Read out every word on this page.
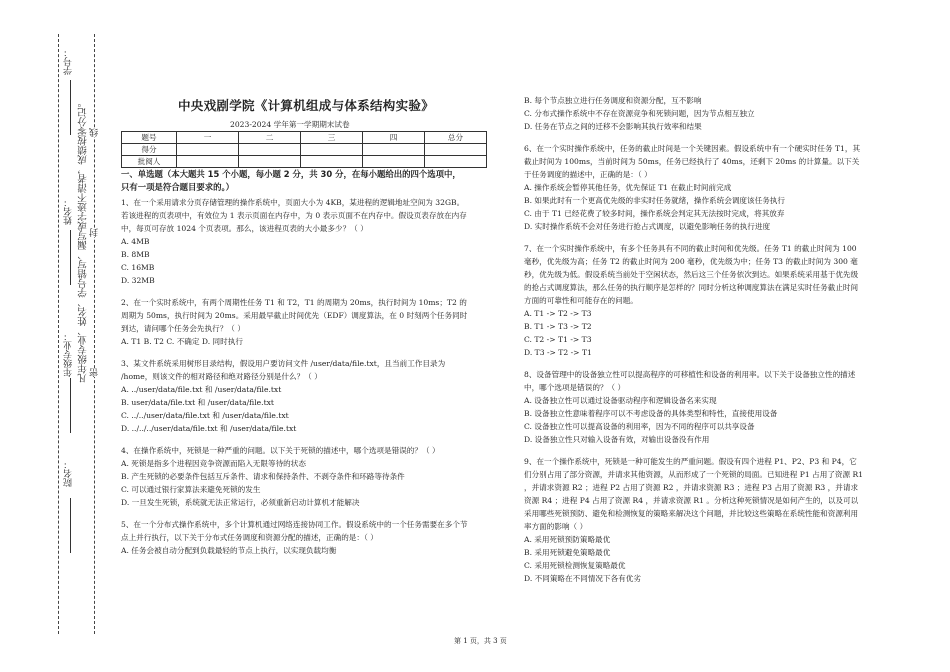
学号：
凡年级专业、姓名、学号错写、漏写或字迹不清者，成绩按零分记。
姓名：
年级专业：
院名：
密
封
线
中央戏剧学院《计算机组成与体系结构实验》
2023-2024 学年第一学期期末试卷
题号	一	二	三	四	总分
得分					
批阅人					
一、单选题（本大题共 15 个小题，每小题 2 分，共 30 分，在每小题给出的四个选项中，只有一项是符合题目要求的。）

1、在一个采用请求分页存储管理的操作系统中，页面大小为 4KB，某进程的逻辑地址空间为 32GB。若该进程的页表项中，有效位为 1 表示页面在内存中，为 0 表示页面不在内存中。假设页表存放在内存中，每页可存放 1024 个页表项。那么，该进程页表的大小最多少？（ ）

A. 4MB

B. 8MB

C. 16MB

D. 32MB

2、在一个实时系统中，有两个周期性任务 T1 和 T2，T1 的周期为 20ms，执行时间为 10ms；T2 的周期为 50ms，执行时间为 20ms。采用最早截止时间优先（EDF）调度算法，在 0 时刻两个任务同时到达，请问哪个任务会先执行？（ ）

A. T1 B. T2 C. 不确定 D. 同时执行

3、某文件系统采用树形目录结构，假设用户要访问文件 /user/data/file.txt，且当前工作目录为 /home，则该文件的相对路径和绝对路径分别是什么？（ ）

A. ../user/data/file.txt 和 /user/data/file.txt

B. user/data/file.txt 和 /user/data/file.txt

C. ../../user/data/file.txt 和 /user/data/file.txt

D. ../../../user/data/file.txt 和 /user/data/file.txt

4、在操作系统中，死锁是一种严重的问题。以下关于死锁的描述中，哪个选项是错误的？（ ）

A. 死锁是指多个进程因竞争资源而陷入无限等待的状态

B. 产生死锁的必要条件包括互斥条件、请求和保持条件、不剥夺条件和环路等待条件

C. 可以通过银行家算法来避免死锁的发生

D. 一旦发生死锁，系统就无法正常运行，必须重新启动计算机才能解决

5、在一个分布式操作系统中，多个计算机通过网络连接协同工作。假设系统中的一个任务需要在多个节点上并行执行，以下关于分布式任务调度和资源分配的描述，正确的是：（ ）

A. 任务会被自动分配到负载最轻的节点上执行，以实现负载均衡

B. 每个节点独立进行任务调度和资源分配，互不影响

C. 分布式操作系统中不存在资源竞争和死锁问题，因为节点相互独立

D. 任务在节点之间的迁移不会影响其执行效率和结果

6、在一个实时操作系统中，任务的截止时间是一个关键因素。假设系统中有一个硬实时任务 T1，其截止时间为 100ms，当前时间为 50ms，任务已经执行了 40ms，还剩下 20ms 的计算量。以下关于任务调度的描述中，正确的是：（ ）

A. 操作系统会暂停其他任务，优先保证 T1 在截止时间前完成

B. 如果此时有一个更高优先级的非实时任务就绪，操作系统会调度该任务执行

C. 由于 T1 已经花费了较多时间，操作系统会判定其无法按时完成，将其放弃

D. 实时操作系统不会对任务进行抢占式调度，以避免影响任务的执行进度

7、在一个实时操作系统中，有多个任务具有不同的截止时间和优先级。任务 T1 的截止时间为 100 毫秒，优先级为高；任务 T2 的截止时间为 200 毫秒，优先级为中；任务 T3 的截止时间为 300 毫秒，优先级为低。假设系统当前处于空闲状态，然后这三个任务依次到达。如果系统采用基于优先级的抢占式调度算法，那么任务的执行顺序是怎样的？同时分析这种调度算法在满足实时任务截止时间方面的可靠性和可能存在的问题。

A. T1 -> T2 -> T3

B. T1 -> T3 -> T2

C. T2 -> T1 -> T3

D. T3 -> T2 -> T1

8、设备管理中的设备独立性可以提高程序的可移植性和设备的利用率。以下关于设备独立性的描述中，哪个选项是错误的？（ ）

A. 设备独立性可以通过设备驱动程序和逻辑设备名来实现

B. 设备独立性意味着程序可以不考虑设备的具体类型和特性，直接使用设备

C. 设备独立性可以提高设备的利用率，因为不同的程序可以共享设备

D. 设备独立性只对输入设备有效，对输出设备没有作用

9、在一个操作系统中，死锁是一种可能发生的严重问题。假设有四个进程 P1、P2、P3 和 P4，它们分别占用了部分资源，并请求其他资源，从而形成了一个死锁的局面。已知进程 P1 占用了资源 R1 ，并请求资源 R2 ；进程 P2 占用了资源 R2 ，并请求资源 R3 ；进程 P3 占用了资源 R3 ，并请求资源 R4 ；进程 P4 占用了资源 R4 ，并请求资源 R1 。分析这种死锁情况是如何产生的，以及可以采用哪些死锁预防、避免和检测恢复的策略来解决这个问题，并比较这些策略在系统性能和资源利用率方面的影响（ ）

A. 采用死锁预防策略最优

B. 采用死锁避免策略最优

C. 采用死锁检测恢复策略最优

D. 不同策略在不同情况下各有优劣

第 1 页，共 3 页
